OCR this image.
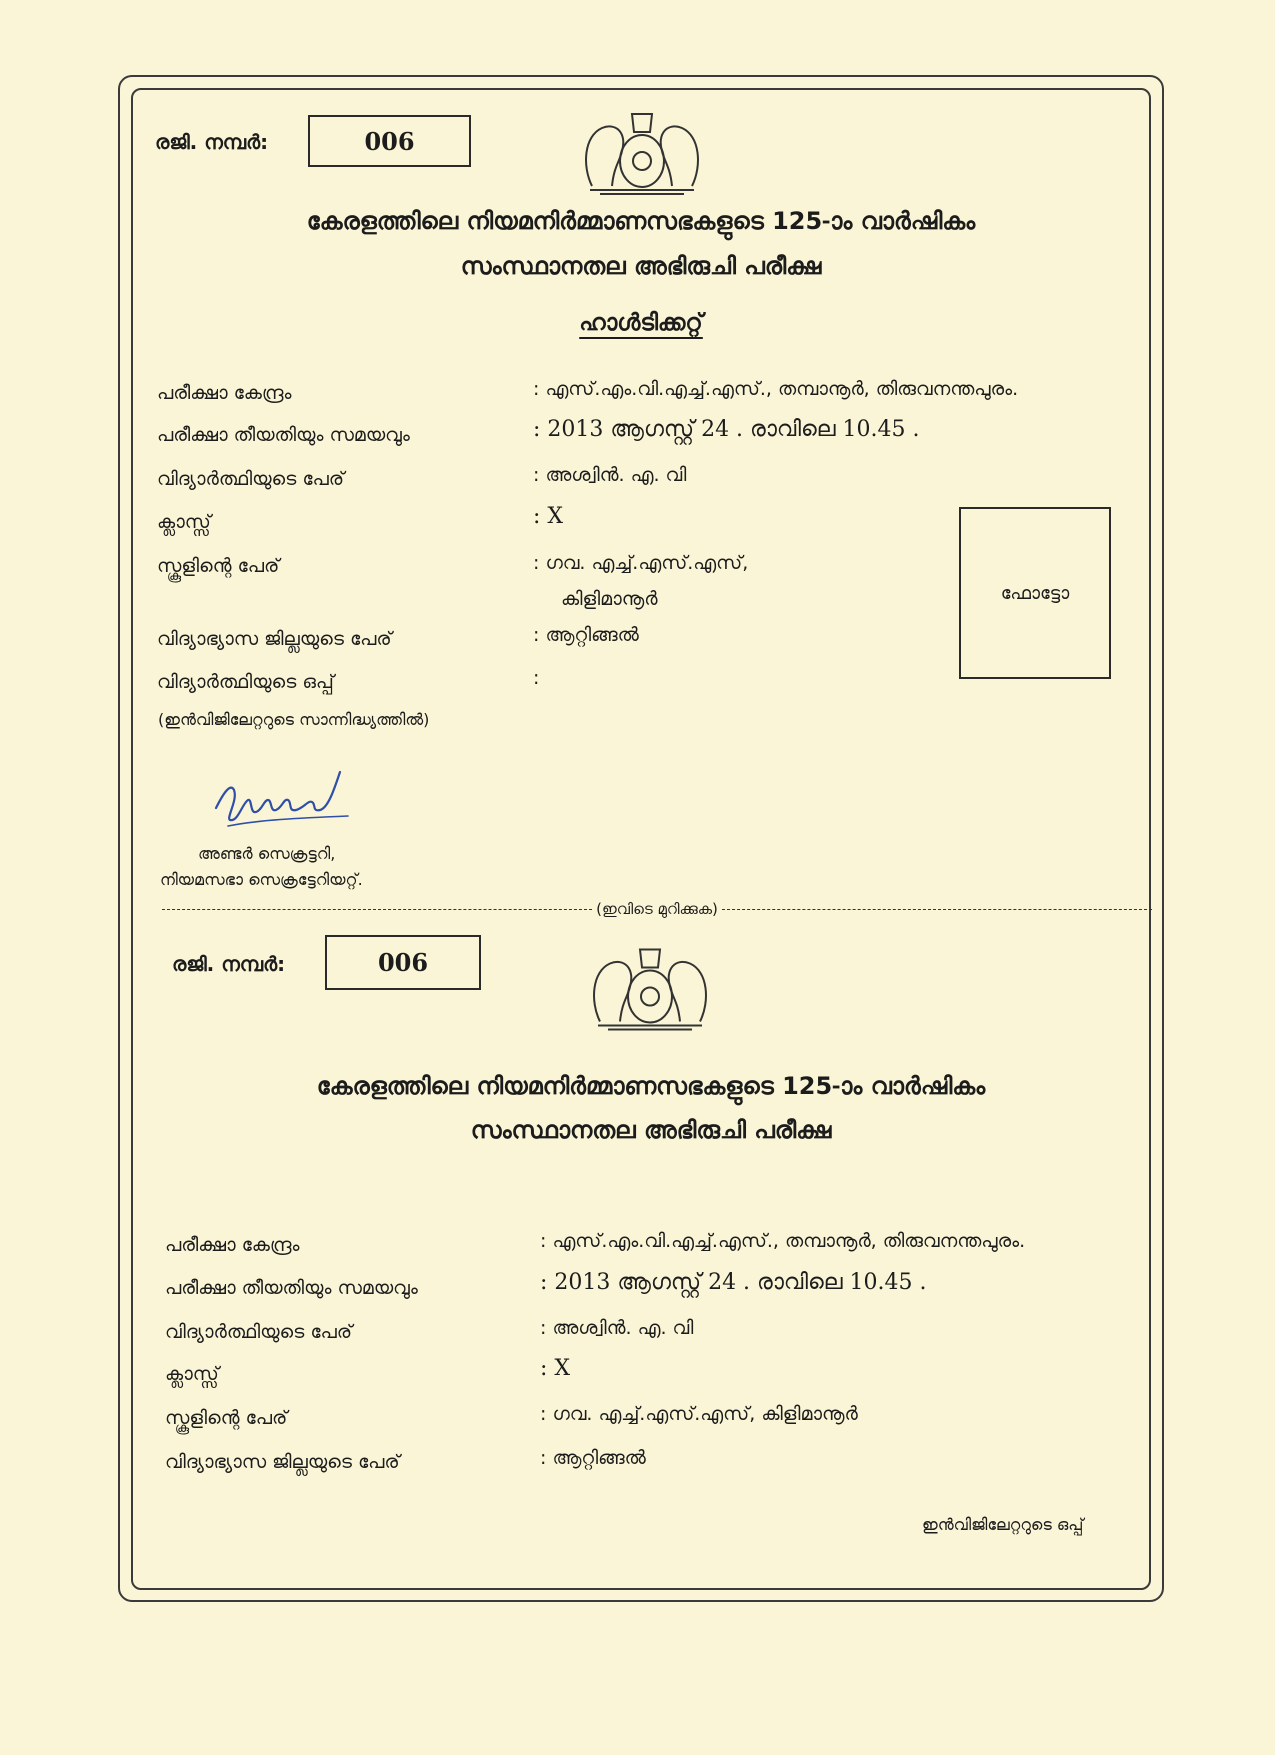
രജി. നമ്പർ:	006
കേരളത്തിലെ നിയമനിർമ്മാണസഭകളുടെ 125-ാം വാർഷികം
സംസ്ഥാനതല അഭിരുചി പരീക്ഷ
ഹാൾടിക്കറ്റ്
പരീക്ഷാ കേന്ദ്രം	: എസ്.എം.വി.എച്ച്.എസ്., തമ്പാനൂർ, തിരുവനന്തപുരം.
പരീക്ഷാ തീയതിയും സമയവും	: 2013 ആഗസ്റ്റ് 24 . രാവിലെ 10.45 .
വിദ്യാർത്ഥിയുടെ പേര്	: അശ്വിൻ. എ. വി
ക്ലാസ്സ്	: X
സ്കൂളിന്റെ പേര്	: ഗവ. എച്ച്.എസ്.എസ്,
കിളിമാനൂർ
വിദ്യാഭ്യാസ ജില്ലയുടെ പേര്	: ആറ്റിങ്ങൽ
വിദ്യാർത്ഥിയുടെ ഒപ്പ്	:
(ഇൻവിജിലേറ്ററുടെ സാന്നിദ്ധ്യത്തിൽ)
ഫോട്ടോ
അണ്ടർ സെക്രട്ടറി,
നിയമസഭാ സെക്രട്ടേറിയറ്റ്.
(ഇവിടെ മുറിക്കുക)
രജി. നമ്പർ:	006
കേരളത്തിലെ നിയമനിർമ്മാണസഭകളുടെ 125-ാം വാർഷികം
സംസ്ഥാനതല അഭിരുചി പരീക്ഷ
പരീക്ഷാ കേന്ദ്രം	: എസ്.എം.വി.എച്ച്.എസ്., തമ്പാനൂർ, തിരുവനന്തപുരം.
പരീക്ഷാ തീയതിയും സമയവും	: 2013 ആഗസ്റ്റ് 24 . രാവിലെ 10.45 .
വിദ്യാർത്ഥിയുടെ പേര്	: അശ്വിൻ. എ. വി
ക്ലാസ്സ്	: X
സ്കൂളിന്റെ പേര്	: ഗവ. എച്ച്.എസ്.എസ്, കിളിമാനൂർ
വിദ്യാഭ്യാസ ജില്ലയുടെ പേര്	: ആറ്റിങ്ങൽ
ഇൻവിജിലേറ്ററുടെ ഒപ്പ്
